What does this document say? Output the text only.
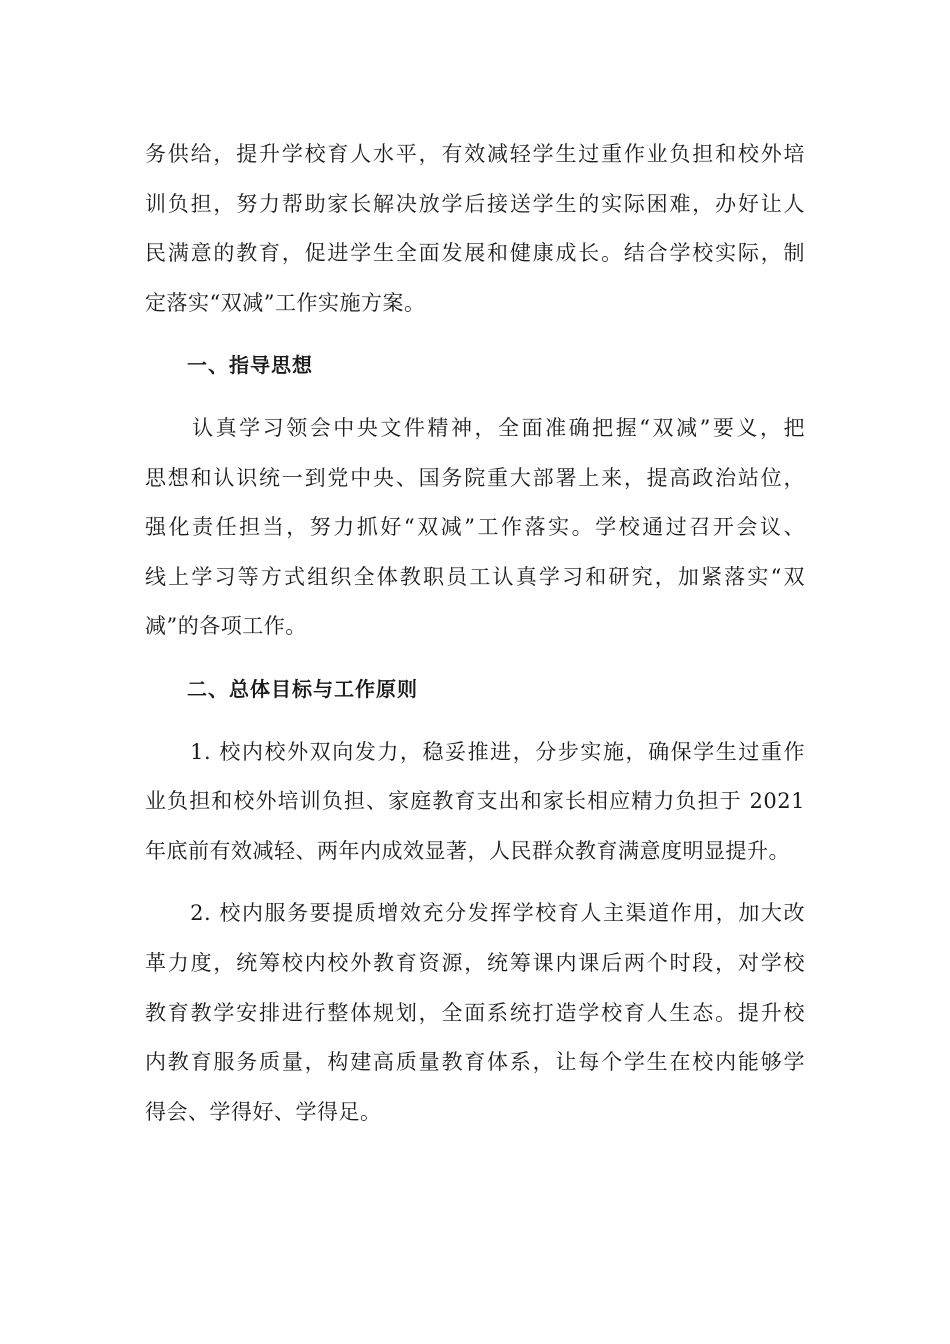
务供给，提升学校育人水平，有效减轻学生过重作业负担和校外培
训负担，努力帮助家长解决放学后接送学生的实际困难，办好让人
民满意的教育，促进学生全面发展和健康成长。结合学校实际，制
定落实“双减”工作实施方案。
一、指导思想
　　认真学习领会中央文件精神，全面准确把握“双减”要义，把
思想和认识统一到党中央、国务院重大部署上来，提高政治站位，
强化责任担当，努力抓好“双减”工作落实。学校通过召开会议、
线上学习等方式组织全体教职员工认真学习和研究，加紧落实“双
减”的各项工作。
二、总体目标与工作原则
　　1. 校内校外双向发力，稳妥推进，分步实施，确保学生过重作
业负担和校外培训负担、家庭教育支出和家长相应精力负担于 2021
年底前有效减轻、两年内成效显著，人民群众教育满意度明显提升。
　　2. 校内服务要提质增效充分发挥学校育人主渠道作用，加大改
革力度，统筹校内校外教育资源，统筹课内课后两个时段，对学校
教育教学安排进行整体规划，全面系统打造学校育人生态。提升校
内教育服务质量，构建高质量教育体系，让每个学生在校内能够学
得会、学得好、学得足。
